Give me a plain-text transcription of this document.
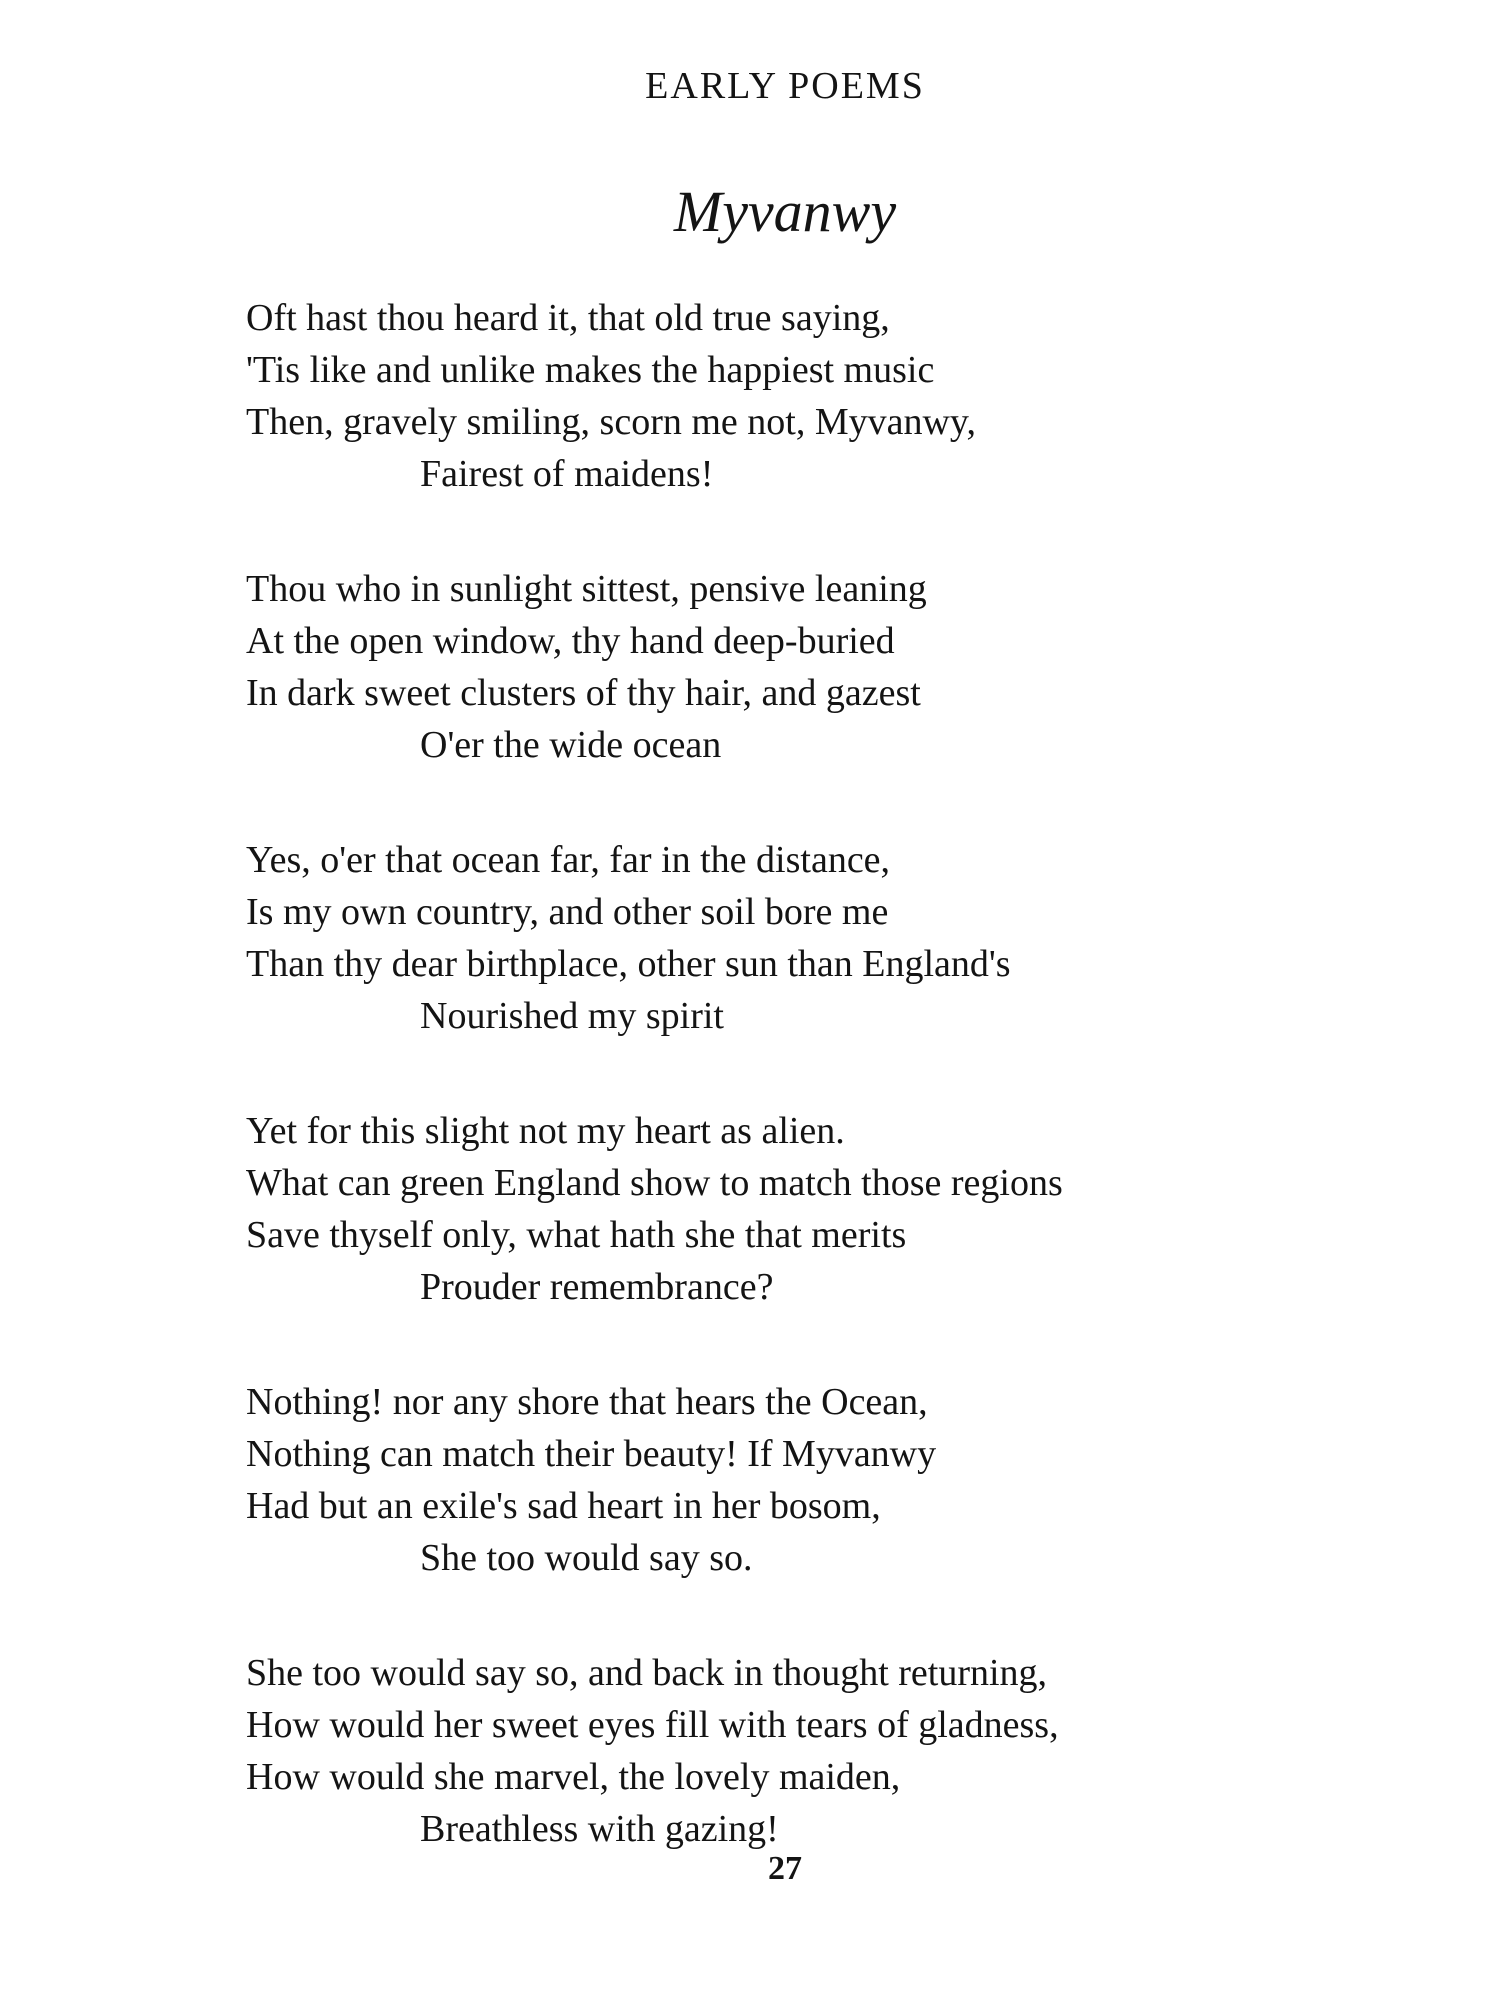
EARLY POEMS
Myvanwy
Oft hast thou heard it, that old true saying,
'Tis like and unlike makes the happiest music
Then, gravely smiling, scorn me not, Myvanwy,
Fairest of maidens!
Thou who in sunlight sittest, pensive leaning
At the open window, thy hand deep-buried
In dark sweet clusters of thy hair, and gazest
O'er the wide ocean
Yes, o'er that ocean far, far in the distance,
Is my own country, and other soil bore me
Than thy dear birthplace, other sun than England's
Nourished my spirit
Yet for this slight not my heart as alien.
What can green England show to match those regions
Save thyself only, what hath she that merits
Prouder remembrance?
Nothing! nor any shore that hears the Ocean,
Nothing can match their beauty! If Myvanwy
Had but an exile's sad heart in her bosom,
She too would say so.
She too would say so, and back in thought returning,
How would her sweet eyes fill with tears of gladness,
How would she marvel, the lovely maiden,
Breathless with gazing!
27
